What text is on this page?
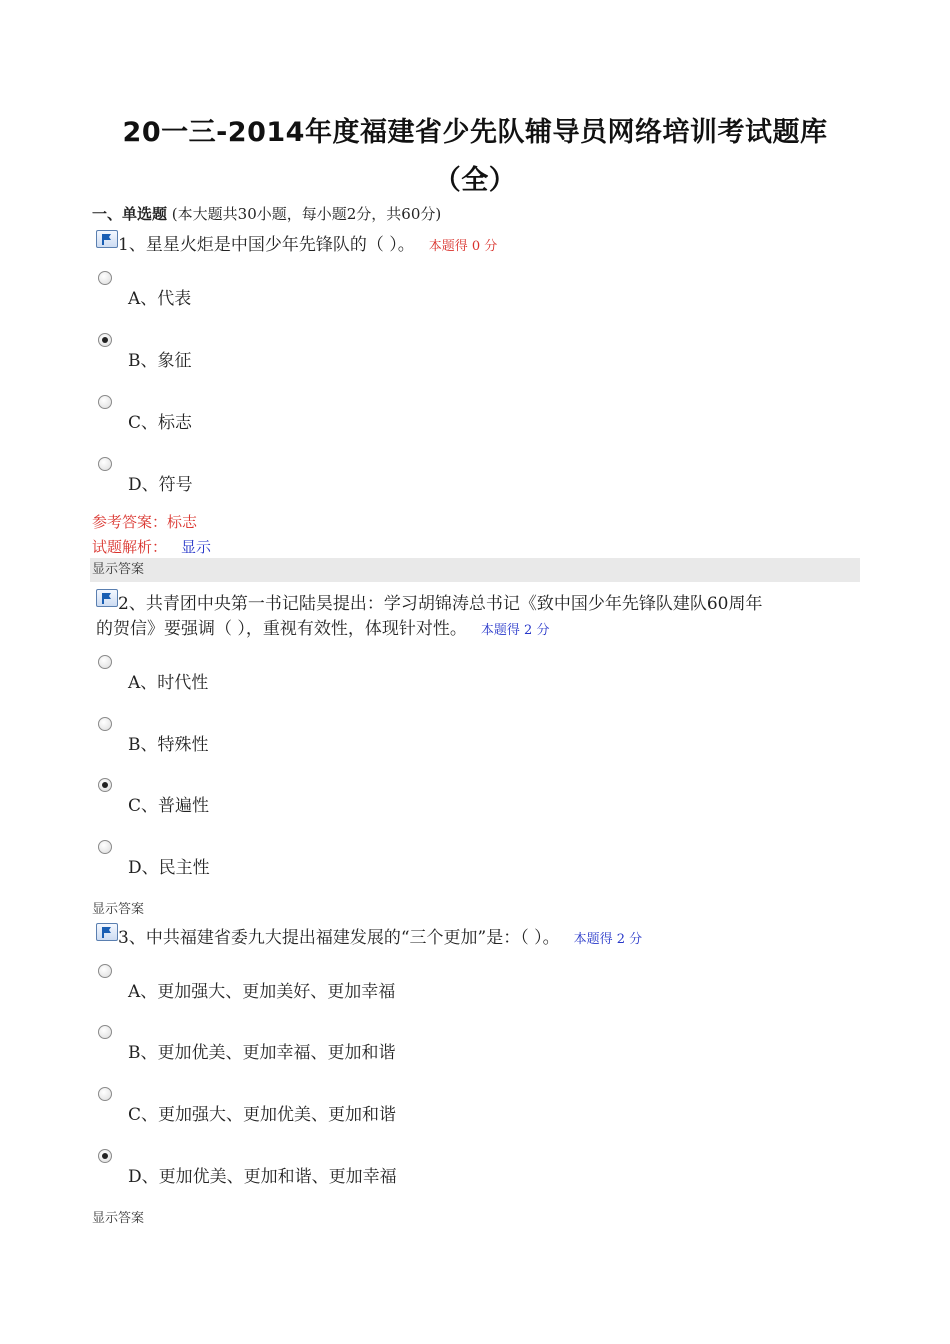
20一三-2014年度福建省少先队辅导员网络培训考试题库
（全）
一、单选题 (本大题共30小题，每小题2分，共60分)
1、星星火炬是中国少年先锋队的（ ）。 本题得 0 分
A、代表
B、象征
C、标志
D、符号
参考答案：标志
试题解析： 显示
显示答案
2、共青团中央第一书记陆昊提出：学习胡锦涛总书记《致中国少年先锋队建队60周年
的贺信》要强调（ ），重视有效性，体现针对性。 本题得 2 分
A、时代性
B、特殊性
C、普遍性
D、民主性
显示答案
3、中共福建省委九大提出福建发展的“三个更加”是：（ ）。 本题得 2 分
A、更加强大、更加美好、更加幸福
B、更加优美、更加幸福、更加和谐
C、更加强大、更加优美、更加和谐
D、更加优美、更加和谐、更加幸福
显示答案
